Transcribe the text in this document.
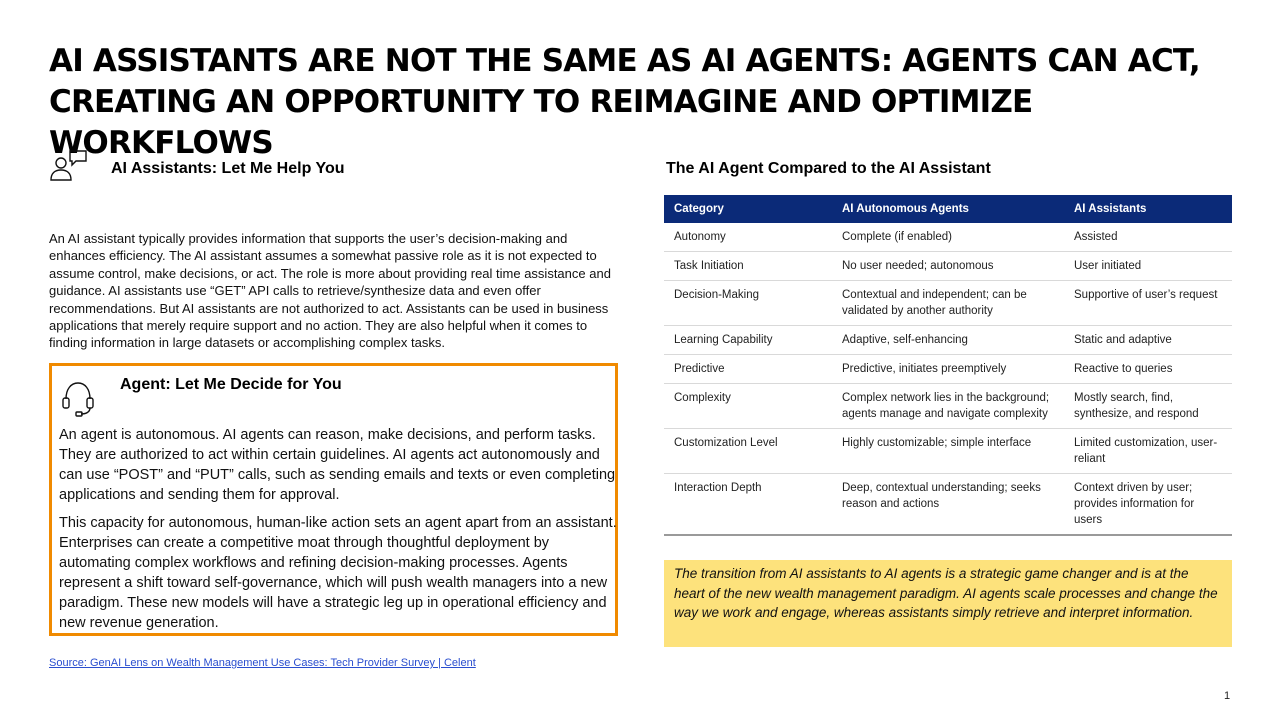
AI ASSISTANTS ARE NOT THE SAME AS AI AGENTS: AGENTS CAN ACT, CREATING AN OPPORTUNITY TO REIMAGINE AND OPTIMIZE WORKFLOWS
AI Assistants: Let Me Help You
An AI assistant typically provides information that supports the user’s decision-making and enhances efficiency. The AI assistant assumes a somewhat passive role as it is not expected to assume control, make decisions, or act. The role is more about providing real time assistance and guidance. AI assistants use “GET” API calls to retrieve/synthesize data and even offer recommendations. But AI assistants are not authorized to act. Assistants can be used in business applications that merely require support and no action. They are also helpful when it comes to finding information in large datasets or accomplishing complex tasks.
Agent: Let Me Decide for You
An agent is autonomous. AI agents can reason, make decisions, and perform tasks. They are authorized to act within certain guidelines. AI agents act autonomously and can use “POST” and “PUT” calls, such as sending emails and texts or even completing applications and sending them for approval.
This capacity for autonomous, human-like action sets an agent apart from an assistant. Enterprises can create a competitive moat through thoughtful deployment by automating complex workflows and refining decision-making processes. Agents represent a shift toward self-governance, which will push wealth managers into a new paradigm. These new models will have a strategic leg up in operational efficiency and new revenue generation.
Source: GenAI Lens on Wealth Management Use Cases: Tech Provider Survey | Celent
The AI Agent Compared to the AI Assistant
Category	AI Autonomous Agents	AI Assistants
Autonomy	Complete (if enabled)	Assisted
Task Initiation	No user needed; autonomous	User initiated
Decision-Making	Contextual and independent; can be validated by another authority	Supportive of user’s request
Learning Capability	Adaptive, self-enhancing	Static and adaptive
Predictive	Predictive, initiates preemptively	Reactive to queries
Complexity	Complex network lies in the background; agents manage and navigate complexity	Mostly search, find, synthesize, and respond
Customization Level	Highly customizable; simple interface	Limited customization, user-reliant
Interaction Depth	Deep, contextual understanding; seeks reason and actions	Context driven by user; provides information for users
The transition from AI assistants to AI agents is a strategic game changer and is at the heart of the new wealth management paradigm. AI agents scale processes and change the way we work and engage, whereas assistants simply retrieve and interpret information.
1
